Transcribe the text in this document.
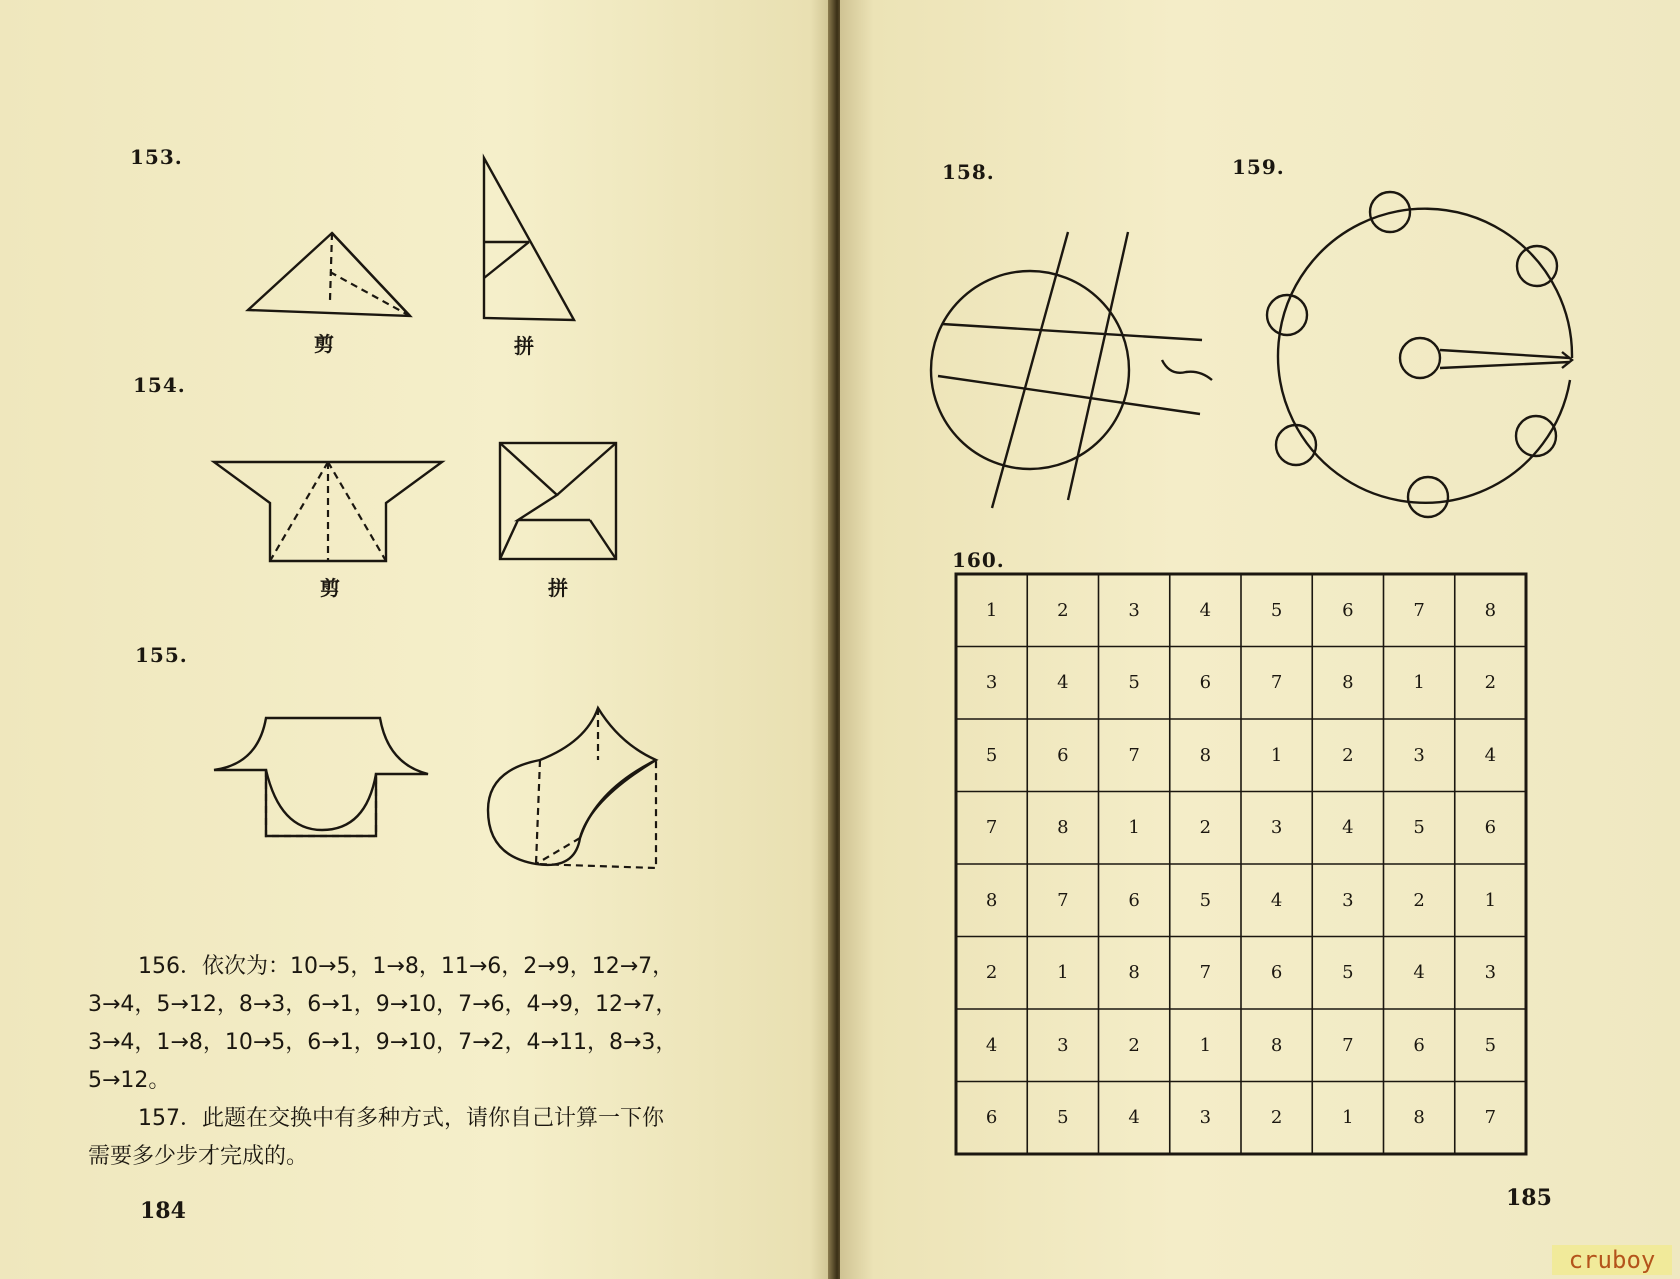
153.
剪	拼
154.
剪	拼
155.

156．依次为：10→5，1→8，11→6，2→9，12→7，

3→4，5→12，8→3，6→1，9→10，7→6，4→9，12→7，

3→4，1→8，10→5，6→1，9→10，7→2，4→11，8→3，

5→12。

157．此题在交换中有多种方式，请你自己计算一下你

需要多少步才完成的。

184
158.	159.
160.
1	2	3	4	5	6	7	8
3	4	5	6	7	8	1	2
5	6	7	8	1	2	3	4
7	8	1	2	3	4	5	6
8	7	6	5	4	3	2	1
2	1	8	7	6	5	4	3
4	3	2	1	8	7	6	5
6	5	4	3	2	1	8	7
185
cruboy
